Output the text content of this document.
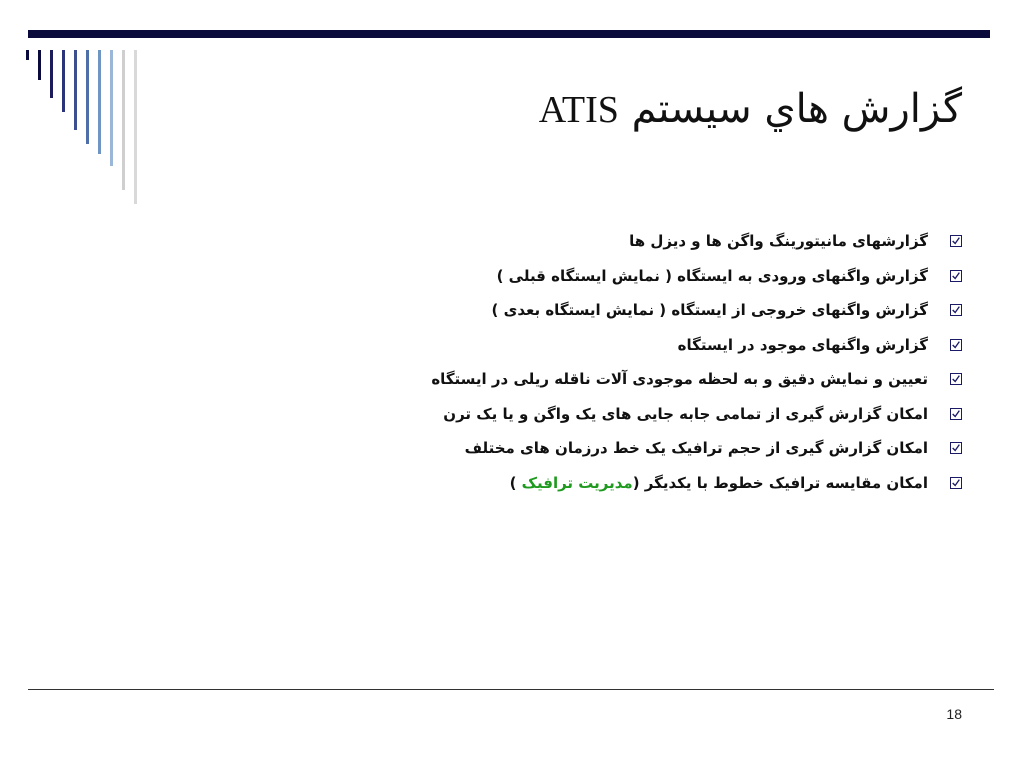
گزارش هاي سيستم ATIS
گزارشهای مانیتورینگ واگن ها و دیزل ها
گزارش واگنهای ورودی به ایستگاه ( نمایش ایستگاه قبلی )
گزارش واگنهای خروجی از ایستگاه ( نمایش ایستگاه بعدی )
گزارش واگنهای موجود در ایستگاه
تعیین و نمایش دقیق و به لحظه موجودی آلات ناقله ریلی در ایستگاه
امکان گزارش گیری از تمامی جابه جایی های یک واگن و یا یک ترن
امکان گزارش گیری از حجم ترافیک یک خط درزمان های مختلف
امکان مقایسه ترافیک خطوط با یکدیگر (مدیریت ترافیک )
18
